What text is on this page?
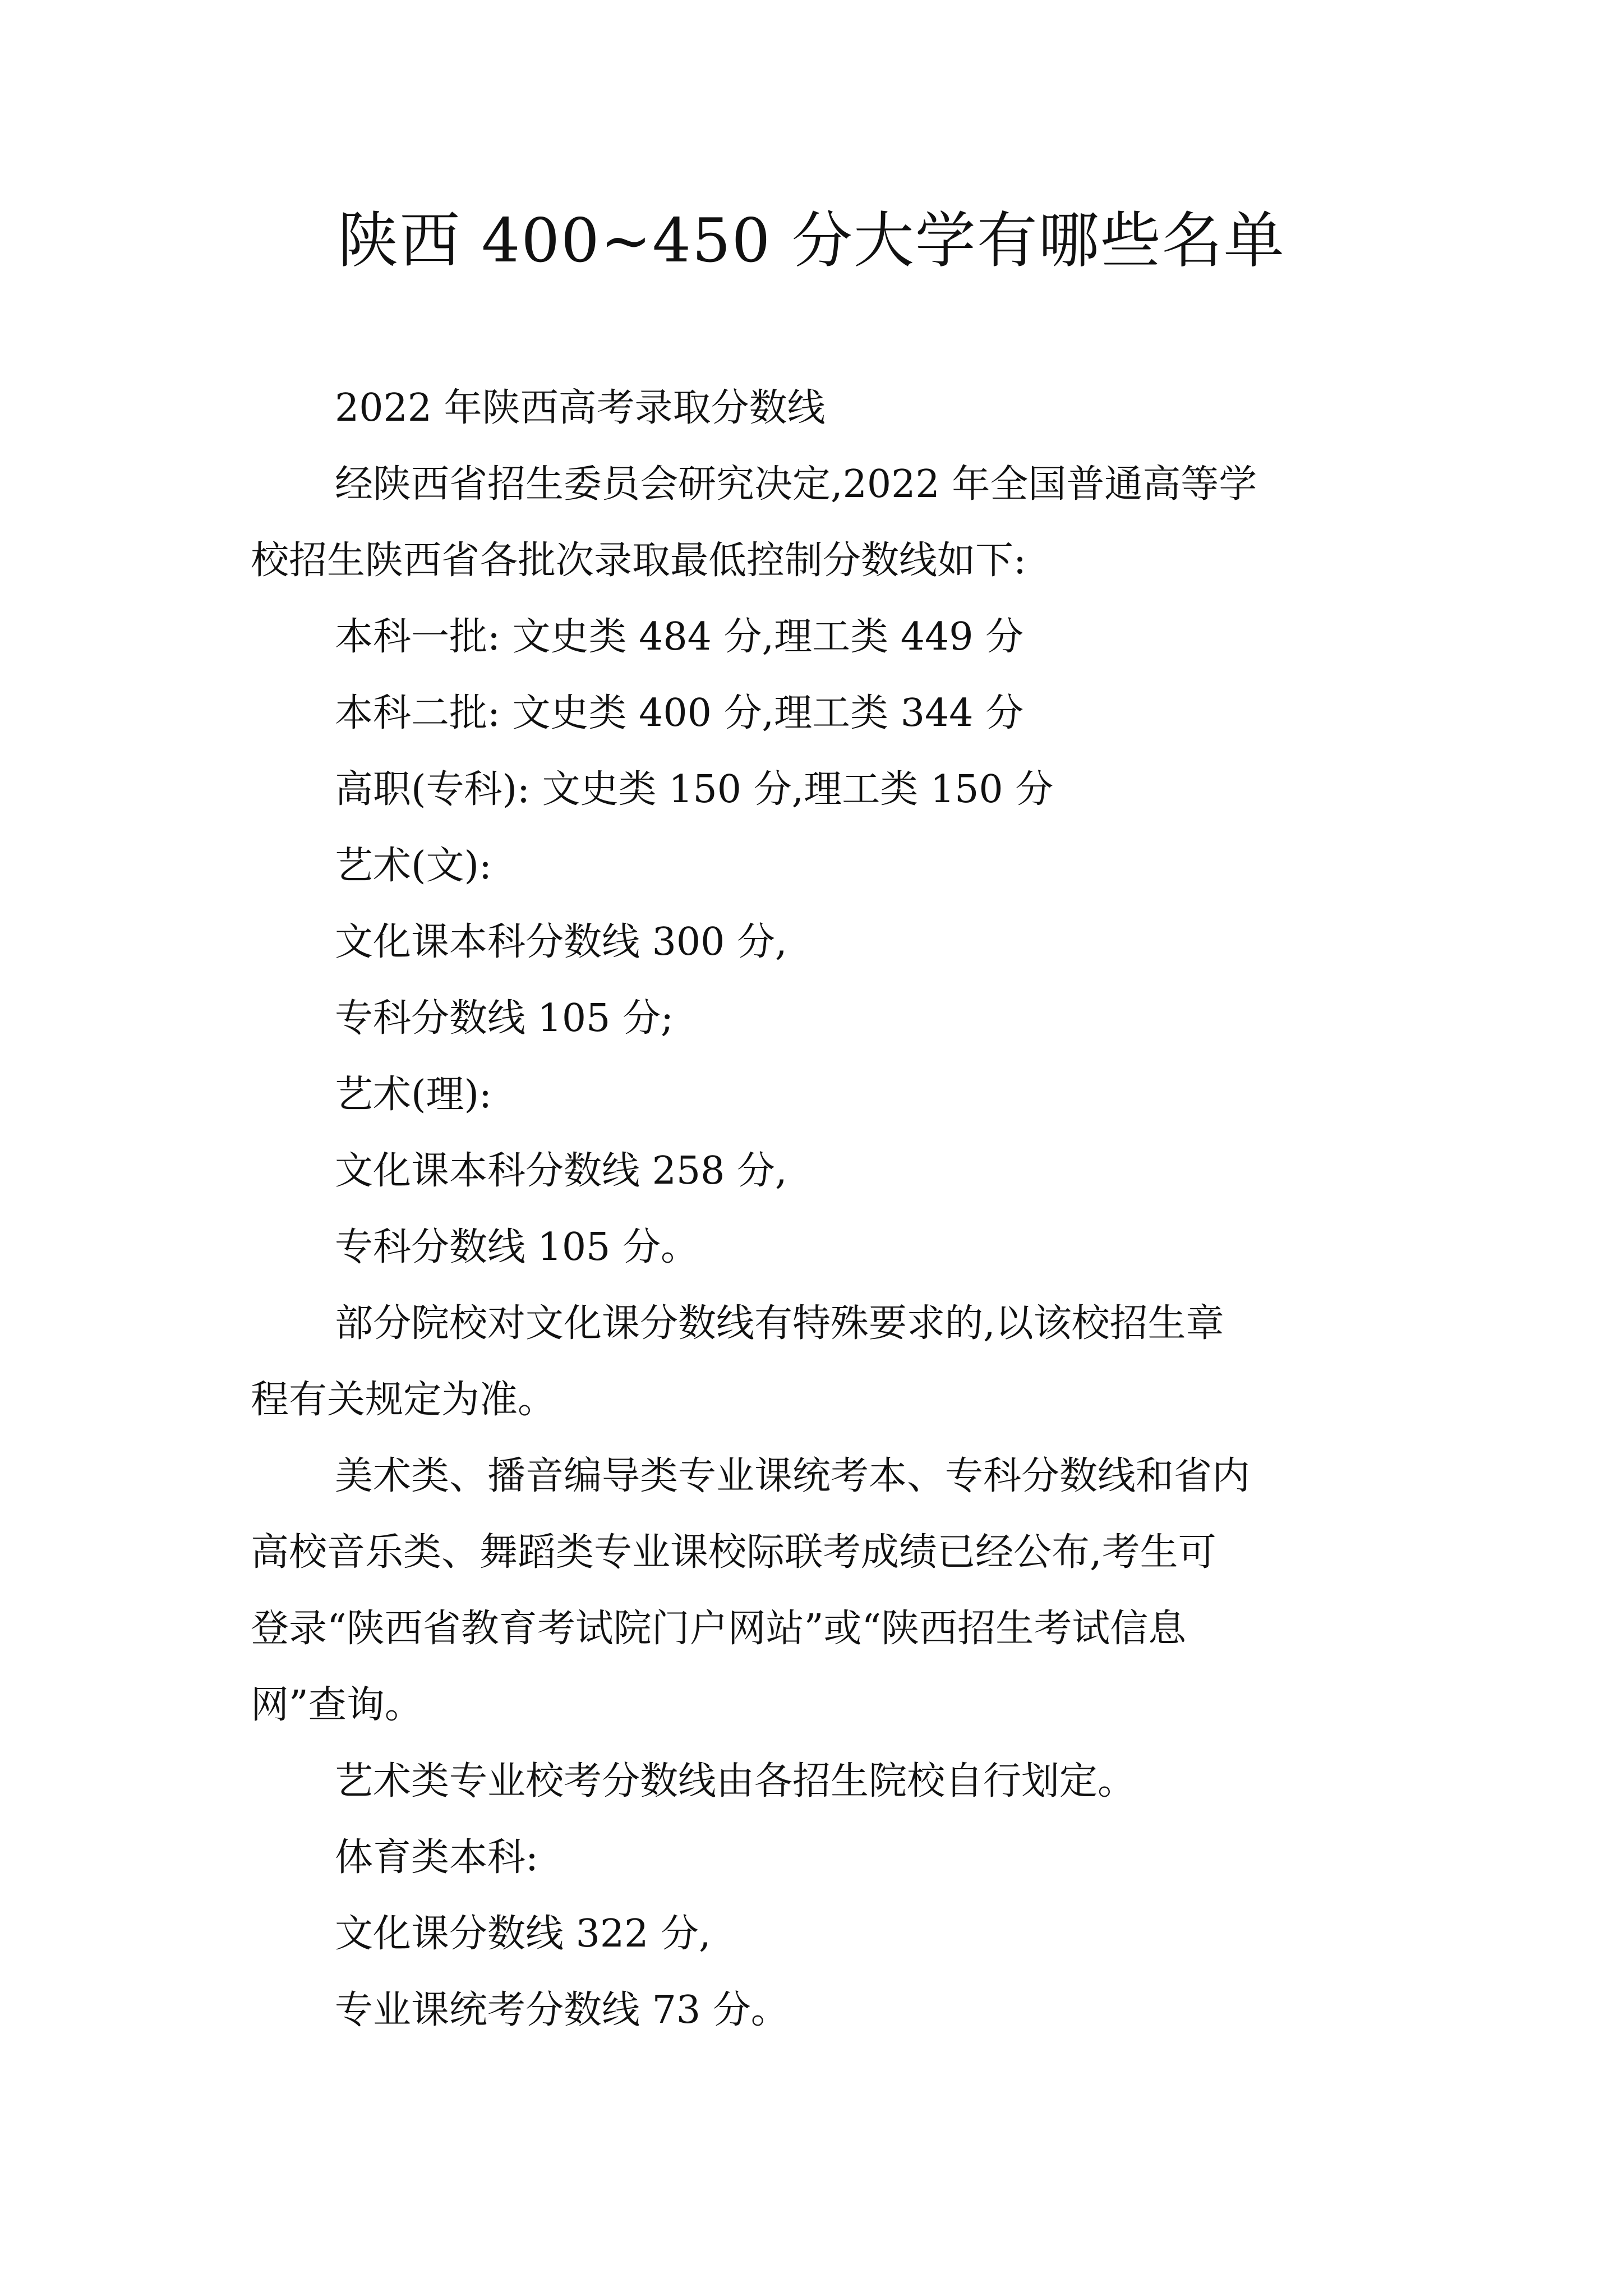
陕西 400~450 分大学有哪些名单

2022 年陕西高考录取分数线

经陕西省招生委员会研究决定,2022 年全国普通高等学

校招生陕西省各批次录取最低控制分数线如下:

本科一批: 文史类 484 分,理工类 449 分

本科二批: 文史类 400 分,理工类 344 分

高职(专科): 文史类 150 分,理工类 150 分

艺术(文):

文化课本科分数线 300 分,

专科分数线 105 分;

艺术(理):

文化课本科分数线 258 分,

专科分数线 105 分。

部分院校对文化课分数线有特殊要求的,以该校招生章

程有关规定为准。

美术类、播音编导类专业课统考本、专科分数线和省内

高校音乐类、舞蹈类专业课校际联考成绩已经公布,考生可

登录“陕西省教育考试院门户网站”或“陕西招生考试信息

网”查询。

艺术类专业校考分数线由各招生院校自行划定。

体育类本科:

文化课分数线 322 分,

专业课统考分数线 73 分。
